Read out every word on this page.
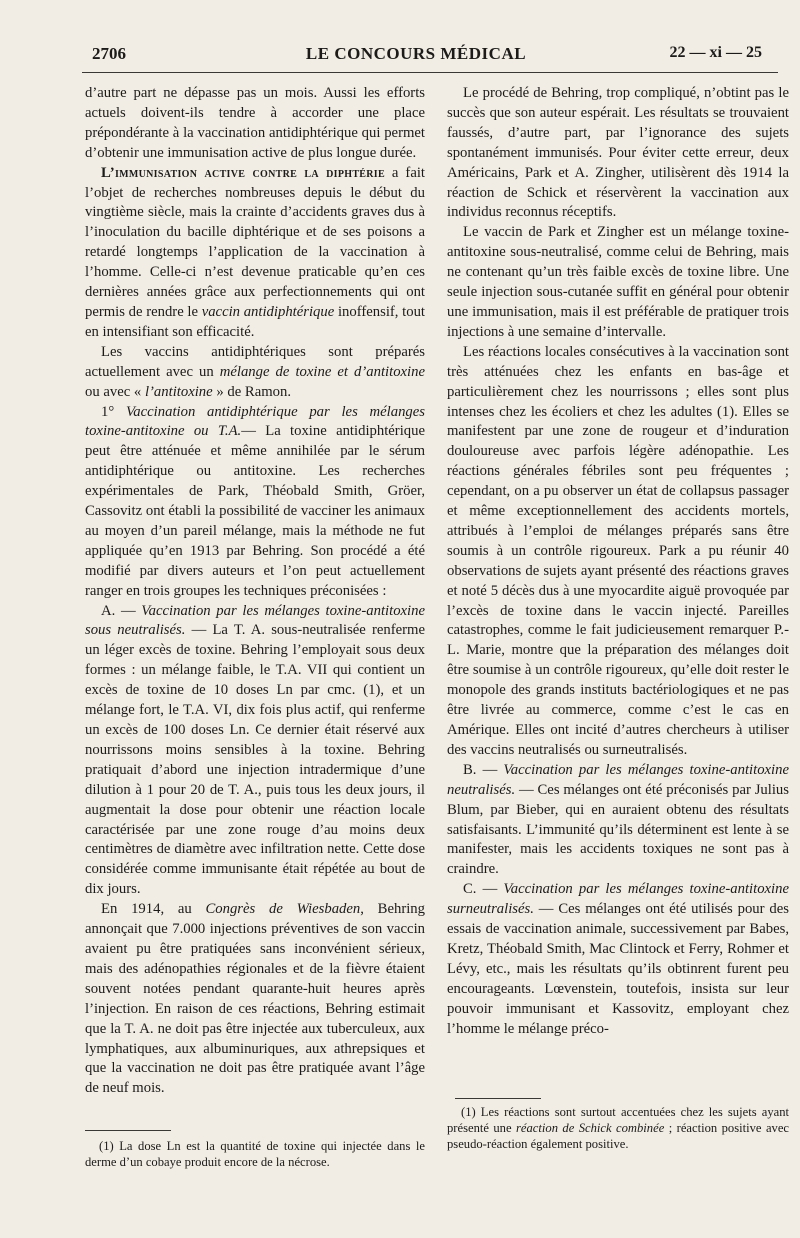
2706	LE CONCOURS MÉDICAL	22 — xi — 25

d’autre part ne dépasse pas un mois. Aussi les efforts actuels doivent-ils tendre à accorder une place prépondérante à la vaccination antidiphtérique qui permet d’obtenir une immunisation active de plus longue durée.

L’immunisation active contre la diphtérie a fait l’objet de recherches nombreuses depuis le début du vingtième siècle, mais la crainte d’accidents graves dus à l’inoculation du bacille diphtérique et de ses poisons a retardé longtemps l’application de la vaccination à l’homme. Celle-ci n’est devenue praticable qu’en ces dernières années grâce aux perfectionnements qui ont permis de rendre le vaccin antidiphtérique inoffensif, tout en intensifiant son efficacité.

Les vaccins antidiphtériques sont préparés actuellement avec un mélange de toxine et d’antitoxine ou avec « l’antitoxine » de Ramon.

1° Vaccination antidiphtérique par les mélanges toxine-antitoxine ou T.A.— La toxine antidiphtérique peut être atténuée et même annihilée par le sérum antidiphtérique ou antitoxine. Les recherches expérimentales de Park, Théobald Smith, Gröer, Cassovitz ont établi la possibilité de vacciner les animaux au moyen d’un pareil mélange, mais la méthode ne fut appliquée qu’en 1913 par Behring. Son procédé a été modifié par divers auteurs et l’on peut actuellement ranger en trois groupes les techniques préconisées :

A. — Vaccination par les mélanges toxine-antitoxine sous neutralisés. — La T. A. sous-neutralisée renferme un léger excès de toxine. Behring l’employait sous deux formes : un mélange faible, le T.A. VII qui contient un excès de toxine de 10 doses Ln par cmc. (1), et un mélange fort, le T.A. VI, dix fois plus actif, qui renferme un excès de 100 doses Ln. Ce dernier était réservé aux nourrissons moins sensibles à la toxine. Behring pratiquait d’abord une injection intradermique d’une dilution à 1 pour 20 de T. A., puis tous les deux jours, il augmentait la dose pour obtenir une réaction locale caractérisée par une zone rouge d’au moins deux centimètres de diamètre avec infiltration nette. Cette dose considérée comme immunisante était répétée au bout de dix jours.

En 1914, au Congrès de Wiesbaden, Behring annonçait que 7.000 injections préventives de son vaccin avaient pu être pratiquées sans inconvénient sérieux, mais des adénopathies régionales et de la fièvre étaient souvent notées pendant quarante-huit heures après l’injection. En raison de ces réactions, Behring estimait que la T. A. ne doit pas être injectée aux tuberculeux, aux lymphatiques, aux albuminuriques, aux athrepsiques et que la vaccination ne doit pas être pratiquée avant l’âge de neuf mois.

Le procédé de Behring, trop compliqué, n’obtint pas le succès que son auteur espérait. Les résultats se trouvaient faussés, d’autre part, par l’ignorance des sujets spontanément immunisés. Pour éviter cette erreur, deux Américains, Park et A. Zingher, utilisèrent dès 1914 la réaction de Schick et réservèrent la vaccination aux individus reconnus réceptifs.

Le vaccin de Park et Zingher est un mélange toxine-antitoxine sous-neutralisé, comme celui de Behring, mais ne contenant qu’un très faible excès de toxine libre. Une seule injection sous-cutanée suffit en général pour obtenir une immunisation, mais il est préférable de pratiquer trois injections à une semaine d’intervalle.

Les réactions locales consécutives à la vaccination sont très atténuées chez les enfants en bas-âge et particulièrement chez les nourrissons ; elles sont plus intenses chez les écoliers et chez les adultes (1). Elles se manifestent par une zone de rougeur et d’induration douloureuse avec parfois légère adénopathie. Les réactions générales fébriles sont peu fréquentes ; cependant, on a pu observer un état de collapsus passager et même exceptionnellement des accidents mortels, attribués à l’emploi de mélanges préparés sans être soumis à un contrôle rigoureux. Park a pu réunir 40 observations de sujets ayant présenté des réactions graves et noté 5 décès dus à une myocardite aiguë provoquée par l’excès de toxine dans le vaccin injecté. Pareilles catastrophes, comme le fait judicieusement remarquer P.-L. Marie, montre que la préparation des mélanges doit être soumise à un contrôle rigoureux, qu’elle doit rester le monopole des grands instituts bactériologiques et ne pas être livrée au commerce, comme c’est le cas en Amérique. Elles ont incité d’autres chercheurs à utiliser des vaccins neutralisés ou surneutralisés.

B. — Vaccination par les mélanges toxine-antitoxine neutralisés. — Ces mélanges ont été préconisés par Julius Blum, par Bieber, qui en auraient obtenu des résultats satisfaisants. L’immunité qu’ils déterminent est lente à se manifester, mais les accidents toxiques ne sont pas à craindre.

C. — Vaccination par les mélanges toxine-antitoxine surneutralisés. — Ces mélanges ont été utilisés pour des essais de vaccination animale, successivement par Babes, Kretz, Théobald Smith, Mac Clintock et Ferry, Rohmer et Lévy, etc., mais les résultats qu’ils obtinrent furent peu encourageants. Lœvenstein, toutefois, insista sur leur pouvoir immunisant et Kassovitz, employant chez l’homme le mélange préco-

(1) La dose Ln est la quantité de toxine qui injectée dans le derme d’un cobaye produit encore de la nécrose.

(1) Les réactions sont surtout accentuées chez les sujets ayant présenté une réaction de Schick combinée ; réaction positive avec pseudo-réaction également positive.
